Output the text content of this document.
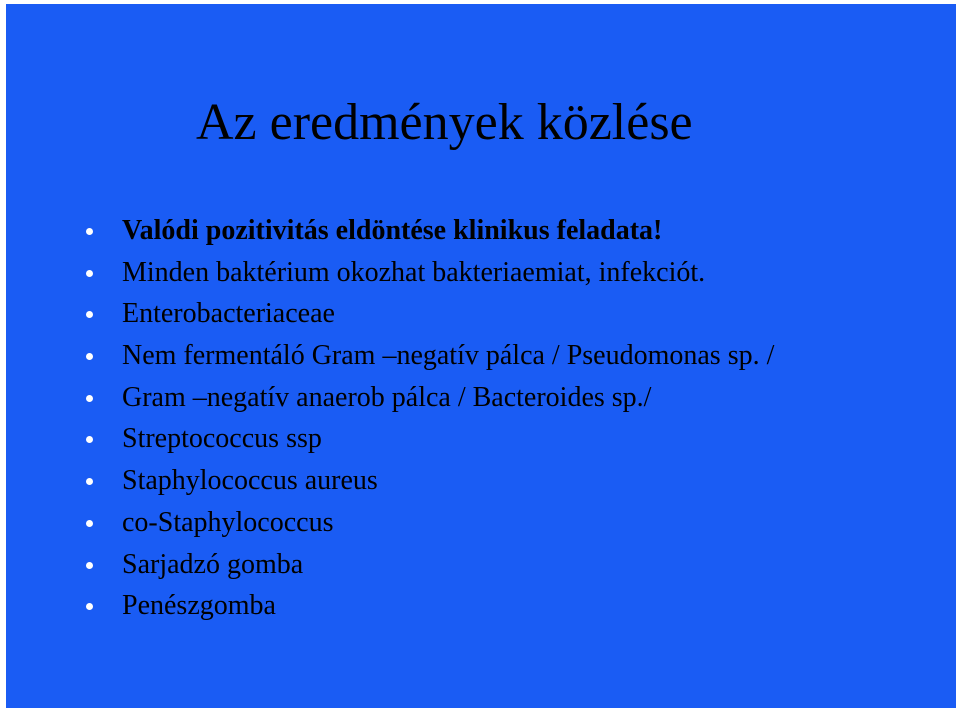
Az eredmények közlése
Valódi pozitivitás eldöntése klinikus feladata!
Minden baktérium okozhat bakteriaemiat, infekciót.
Enterobacteriaceae
Nem fermentáló Gram –negatív pálca / Pseudomonas sp. /
Gram –negatív anaerob pálca / Bacteroides sp./
Streptococcus ssp
Staphylococcus aureus
co-Staphylococcus
Sarjadzó gomba
Penészgomba
